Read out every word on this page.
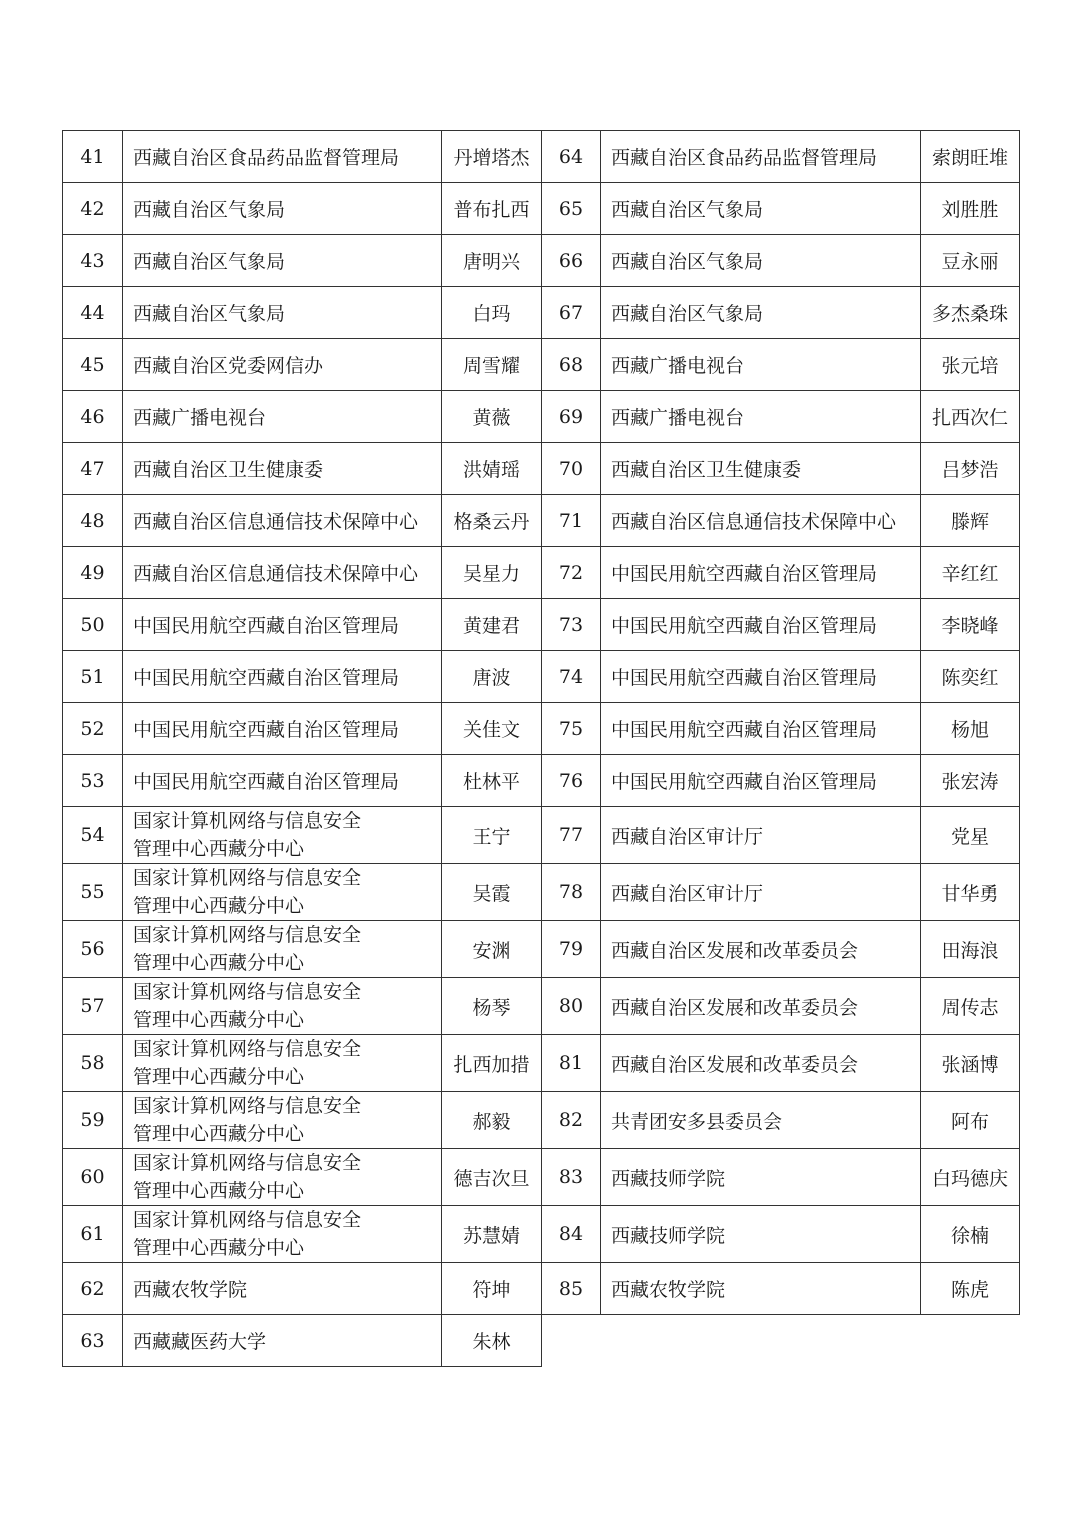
41	西藏自治区食品药品监督管理局	丹增塔杰	64	西藏自治区食品药品监督管理局	索朗旺堆
42	西藏自治区气象局	普布扎西	65	西藏自治区气象局	刘胜胜
43	西藏自治区气象局	唐明兴	66	西藏自治区气象局	豆永丽
44	西藏自治区气象局	白玛	67	西藏自治区气象局	多杰桑珠
45	西藏自治区党委网信办	周雪耀	68	西藏广播电视台	张元培
46	西藏广播电视台	黄薇	69	西藏广播电视台	扎西次仁
47	西藏自治区卫生健康委	洪婧瑶	70	西藏自治区卫生健康委	吕梦浩
48	西藏自治区信息通信技术保障中心	格桑云丹	71	西藏自治区信息通信技术保障中心	滕辉
49	西藏自治区信息通信技术保障中心	吴星力	72	中国民用航空西藏自治区管理局	辛红红
50	中国民用航空西藏自治区管理局	黄建君	73	中国民用航空西藏自治区管理局	李晓峰
51	中国民用航空西藏自治区管理局	唐波	74	中国民用航空西藏自治区管理局	陈奕红
52	中国民用航空西藏自治区管理局	关佳文	75	中国民用航空西藏自治区管理局	杨旭
53	中国民用航空西藏自治区管理局	杜林平	76	中国民用航空西藏自治区管理局	张宏涛
54	国家计算机网络与信息安全
管理中心西藏分中心	王宁	77	西藏自治区审计厅	党星
55	国家计算机网络与信息安全
管理中心西藏分中心	吴霞	78	西藏自治区审计厅	甘华勇
56	国家计算机网络与信息安全
管理中心西藏分中心	安渊	79	西藏自治区发展和改革委员会	田海浪
57	国家计算机网络与信息安全
管理中心西藏分中心	杨琴	80	西藏自治区发展和改革委员会	周传志
58	国家计算机网络与信息安全
管理中心西藏分中心	扎西加措	81	西藏自治区发展和改革委员会	张涵博
59	国家计算机网络与信息安全
管理中心西藏分中心	郝毅	82	共青团安多县委员会	阿布
60	国家计算机网络与信息安全
管理中心西藏分中心	德吉次旦	83	西藏技师学院	白玛德庆
61	国家计算机网络与信息安全
管理中心西藏分中心	苏慧婧	84	西藏技师学院	徐楠
62	西藏农牧学院	符坤	85	西藏农牧学院	陈虎
63	西藏藏医药大学	朱林			
